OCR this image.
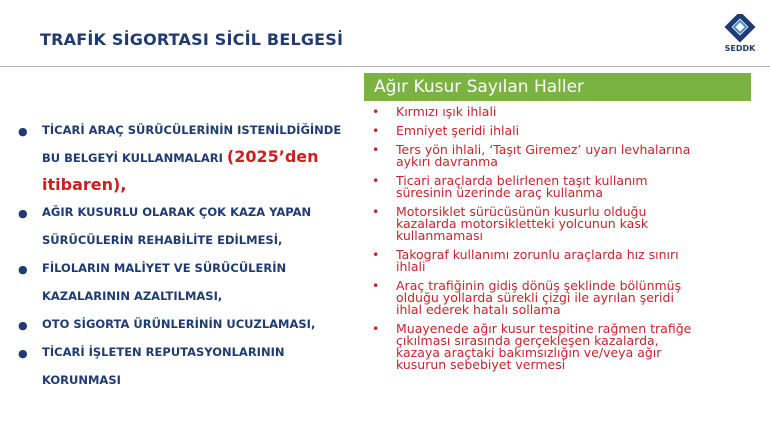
TRAFİK SİGORTASI SİCİL BELGESİ	SEDDK
● TİCARİ ARAÇ SÜRÜCÜLERİNİN ISTENİLDİĞİNDE
BU BELGEYİ KULLANMALARI (2025’den
itibaren),
● AĞIR KUSURLU OLARAK ÇOK KAZA YAPAN
SÜRÜCÜLERİN REHABİLİTE EDİLMESİ,
● FİLOLARIN MALİYET VE SÜRÜCÜLERİN
KAZALARININ AZALTILMASI,
● OTO SİGORTA ÜRÜNLERİNİN UCUZLAMASI,
● TİCARİ İŞLETEN REPUTASYONLARININ
KORUNMASI
Ağır Kusur Sayılan Haller
• Kırmızı ışık ihlali
• Emniyet şeridi ihlali
• Ters yön ihlali, ‘Taşıt Giremez’ uyarı levhalarına
aykırı davranma
• Ticari araçlarda belirlenen taşıt kullanım
süresinin üzerinde araç kullanma
• Motorsiklet sürücüsünün kusurlu olduğu
kazalarda motorsikletteki yolcunun kask
kullanmaması
• Takograf kullanımı zorunlu araçlarda hız sınırı
ihlali
• Araç trafiğinin gidiş dönüş şeklinde bölünmüş
olduğu yollarda sürekli çizgi ile ayrılan şeridi
ihlal ederek hatalı sollama
• Muayenede ağır kusur tespitine rağmen trafiğe
çıkılması sırasında gerçekleşen kazalarda,
kazaya araçtaki bakımsızlığın ve/veya ağır
kusurun sebebiyet vermesi
